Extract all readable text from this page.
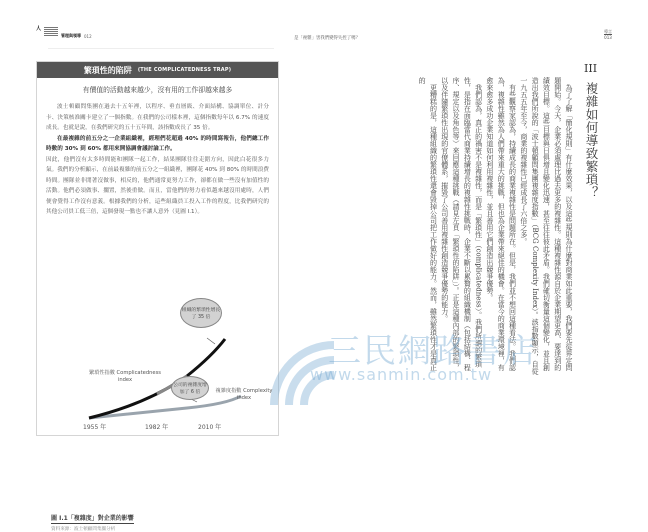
人
管理與領導 012
繁瑣性的陷阱 (THE COMPLICATEDNESS TRAP)
有價值的活動越來越少，沒有用的工作卻越來越多

波士頓顧問集團在過去十五年裡，以程序、垂直層級、介面結構、協調單位、計分卡、決策核准關卡建立了一個指數。在我們的公司樣本裡，這個指數每年以 6.7% 的速度成長。也就是說，在我們研究的五十五年間，該指數成長了 35 倍。

在最複雜的前五分之一企業組織裡，經理們花超過 40% 的時間寫報告，他們總工作時數的 30% 到 60% 都用來開協調會議討論工作。

因此，他們沒有太多時間能和團隊一起工作，結果團隊往往走錯方向，因此白花很多力氣。我們的分析顯示，在前最複雜的前五分之一組織裡，團隊花 40% 到 80% 的時間浪費時間。團隊並非閒著沒做事，相反的，他們通常更努力工作，卻都在做一些沒有加值性的活動。他們必須做事、擱置，然後重做。而且，當他們的努力看似越來越沒用處時，人們便會覺得工作沒有意義。根據我們的分析，這些組織員工投入工作的程度，比我們研究的其他公司員工低三倍，這個發現一點也不讓人意外（見圖 I.1）。

圖 I.1「複雜度」對企業的影響
資料來源：波士頓顧問集團分析
組織的繁瑣性增長了 35 倍
繁瑣性指數 Complicatedness index
公司的複雜度增加了 6 倍	複雜度指數 Complexity index
1955 年	1982 年	2010 年
是「複雜」害我們變得失控了嗎？
導言
013
III
複雜如何導致繁瑣？

為了了解「簡化規則」有什麼效果，以及這些規則為什麼對商業如此重要，我們要先從界定問題開始。今天，企業必須處理比過去更多的複雜性。這種複雜性源自於企業期望更高、要達到的績效目標。這些目標與日俱增且變化迅速，甚至往往彼此矛盾。我們確切衡量這個變化，並且創造出我們所說的「波士頓顧問集團複雜度指數」（BCG Complexity Index）。該指數顯示，自從一九五五年至今，商業的複雜性已經成長了六倍之多。

有些觀察家認為，持續成長的商業複雜性是問題所在。但是，我們並不想回這種看法。我們認為，複雜性雖然為人們帶來重大的挑戰，但也為企業帶來絕佳的機會。在當今的商業環境裡，有愈來愈多成功企業知道如何利用複雜性，並且善用它們創造出競爭優勢。

我們認為，真正的禍害不是複雜性，而是「繁瑣性」（complicatedness）。我們所謂的繁瑣性，是指在面臨當代商業持續增長的複雜性挑戰時，企業不斷以累贅的組織機制（包括結構、程序、規定以及角色等）來回應這種挑戰（請見左頁「繁瑣性的陷阱」）。正是這種內部的繁瑣性，以及伴隨繁瑣性出現的官僚體系，摧毀了公司善用複雜性創造競爭優勢的能力。

更糟糕的是，這種組織的繁瑣性還會毀掉公司把工作做好的能力。然而，雖然繁瑣性才是真正的

三民網路書店
www.sanmin.com.tw
